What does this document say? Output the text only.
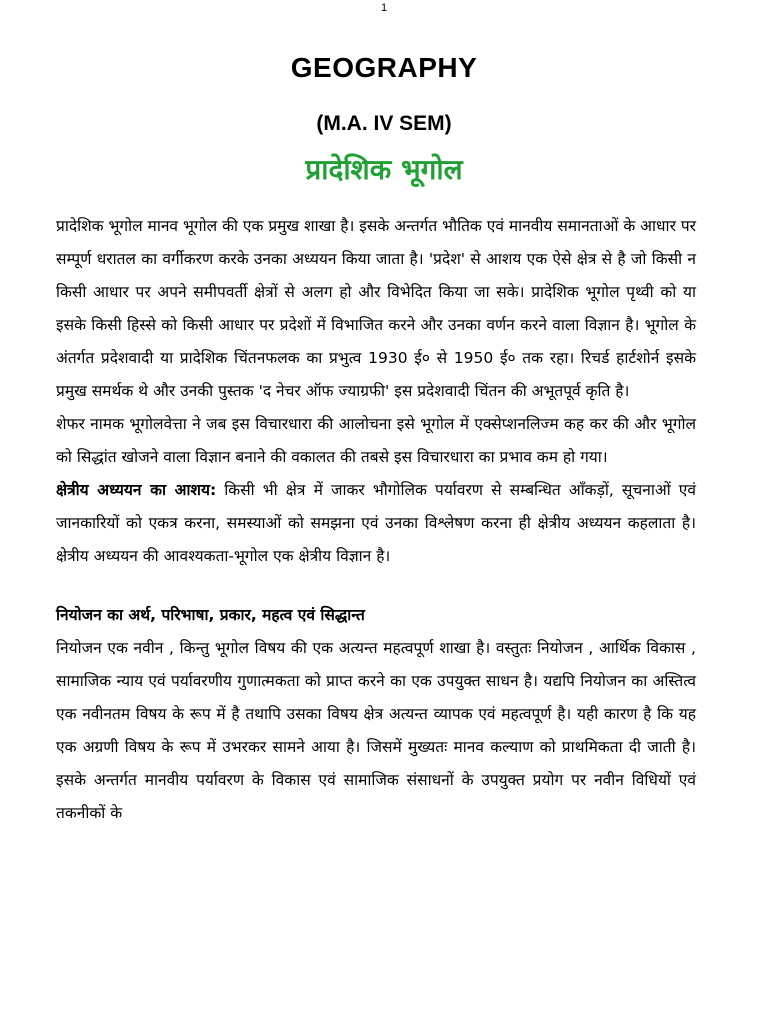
1
GEOGRAPHY
(M.A. IV SEM)
प्रादेशिक भूगोल

प्रादेशिक भूगोल मानव भूगोल की एक प्रमुख शाखा है। इसके अन्तर्गत भौतिक एवं मानवीय समानताओं के आधार पर सम्पूर्ण धरातल का वर्गीकरण करके उनका अध्ययन किया जाता है। 'प्रदेश' से आशय एक ऐसे क्षेत्र से है जो किसी न किसी आधार पर अपने समीपवर्ती क्षेत्रों से अलग हो और विभेदित किया जा सके। प्रादेशिक भूगोल पृथ्वी को या इसके किसी हिस्से को किसी आधार पर प्रदेशों में विभाजित करने और उनका वर्णन करने वाला विज्ञान है। भूगोल के अंतर्गत प्रदेशवादी या प्रादेशिक चिंतनफलक का प्रभुत्व 1930 ई० से 1950 ई० तक रहा। रिचर्ड हार्टशोर्न इसके प्रमुख समर्थक थे और उनकी पुस्तक 'द नेचर ऑफ ज्याग्रफी' इस प्रदेशवादी चिंतन की अभूतपूर्व कृति है।

शेफर नामक भूगोलवेत्ता ने जब इस विचारधारा की आलोचना इसे भूगोल में एक्सेप्शनलिज्म कह कर की और भूगोल को सिद्धांत खोजने वाला विज्ञान बनाने की वकालत की तबसे इस विचारधारा का प्रभाव कम हो गया।

क्षेत्रीय अध्ययन का आशय: किसी भी क्षेत्र में जाकर भौगोलिक पर्यावरण से सम्बन्धित आँकड़ों, सूचनाओं एवं जानकारियों को एकत्र करना, समस्याओं को समझना एवं उनका विश्लेषण करना ही क्षेत्रीय अध्ययन कहलाता है। क्षेत्रीय अध्ययन की आवश्यकता-भूगोल एक क्षेत्रीय विज्ञान है।

नियोजन का अर्थ, परिभाषा, प्रकार, महत्व एवं सिद्धान्त

नियोजन एक नवीन , किन्तु भूगोल विषय की एक अत्यन्त महत्वपूर्ण शाखा है। वस्तुतः नियोजन , आर्थिक विकास , सामाजिक न्याय एवं पर्यावरणीय गुणात्मकता को प्राप्त करने का एक उपयुक्त साधन है। यद्यपि नियोजन का अस्तित्व एक नवीनतम विषय के रूप में है तथापि उसका विषय क्षेत्र अत्यन्त व्यापक एवं महत्वपूर्ण है। यही कारण है कि यह एक अग्रणी विषय के रूप में उभरकर सामने आया है। जिसमें मुख्यतः मानव कल्याण को प्राथमिकता दी जाती है। इसके अन्तर्गत मानवीय पर्यावरण के विकास एवं सामाजिक संसाधनों के उपयुक्त प्रयोग पर नवीन विधियों एवं तकनीकों के
